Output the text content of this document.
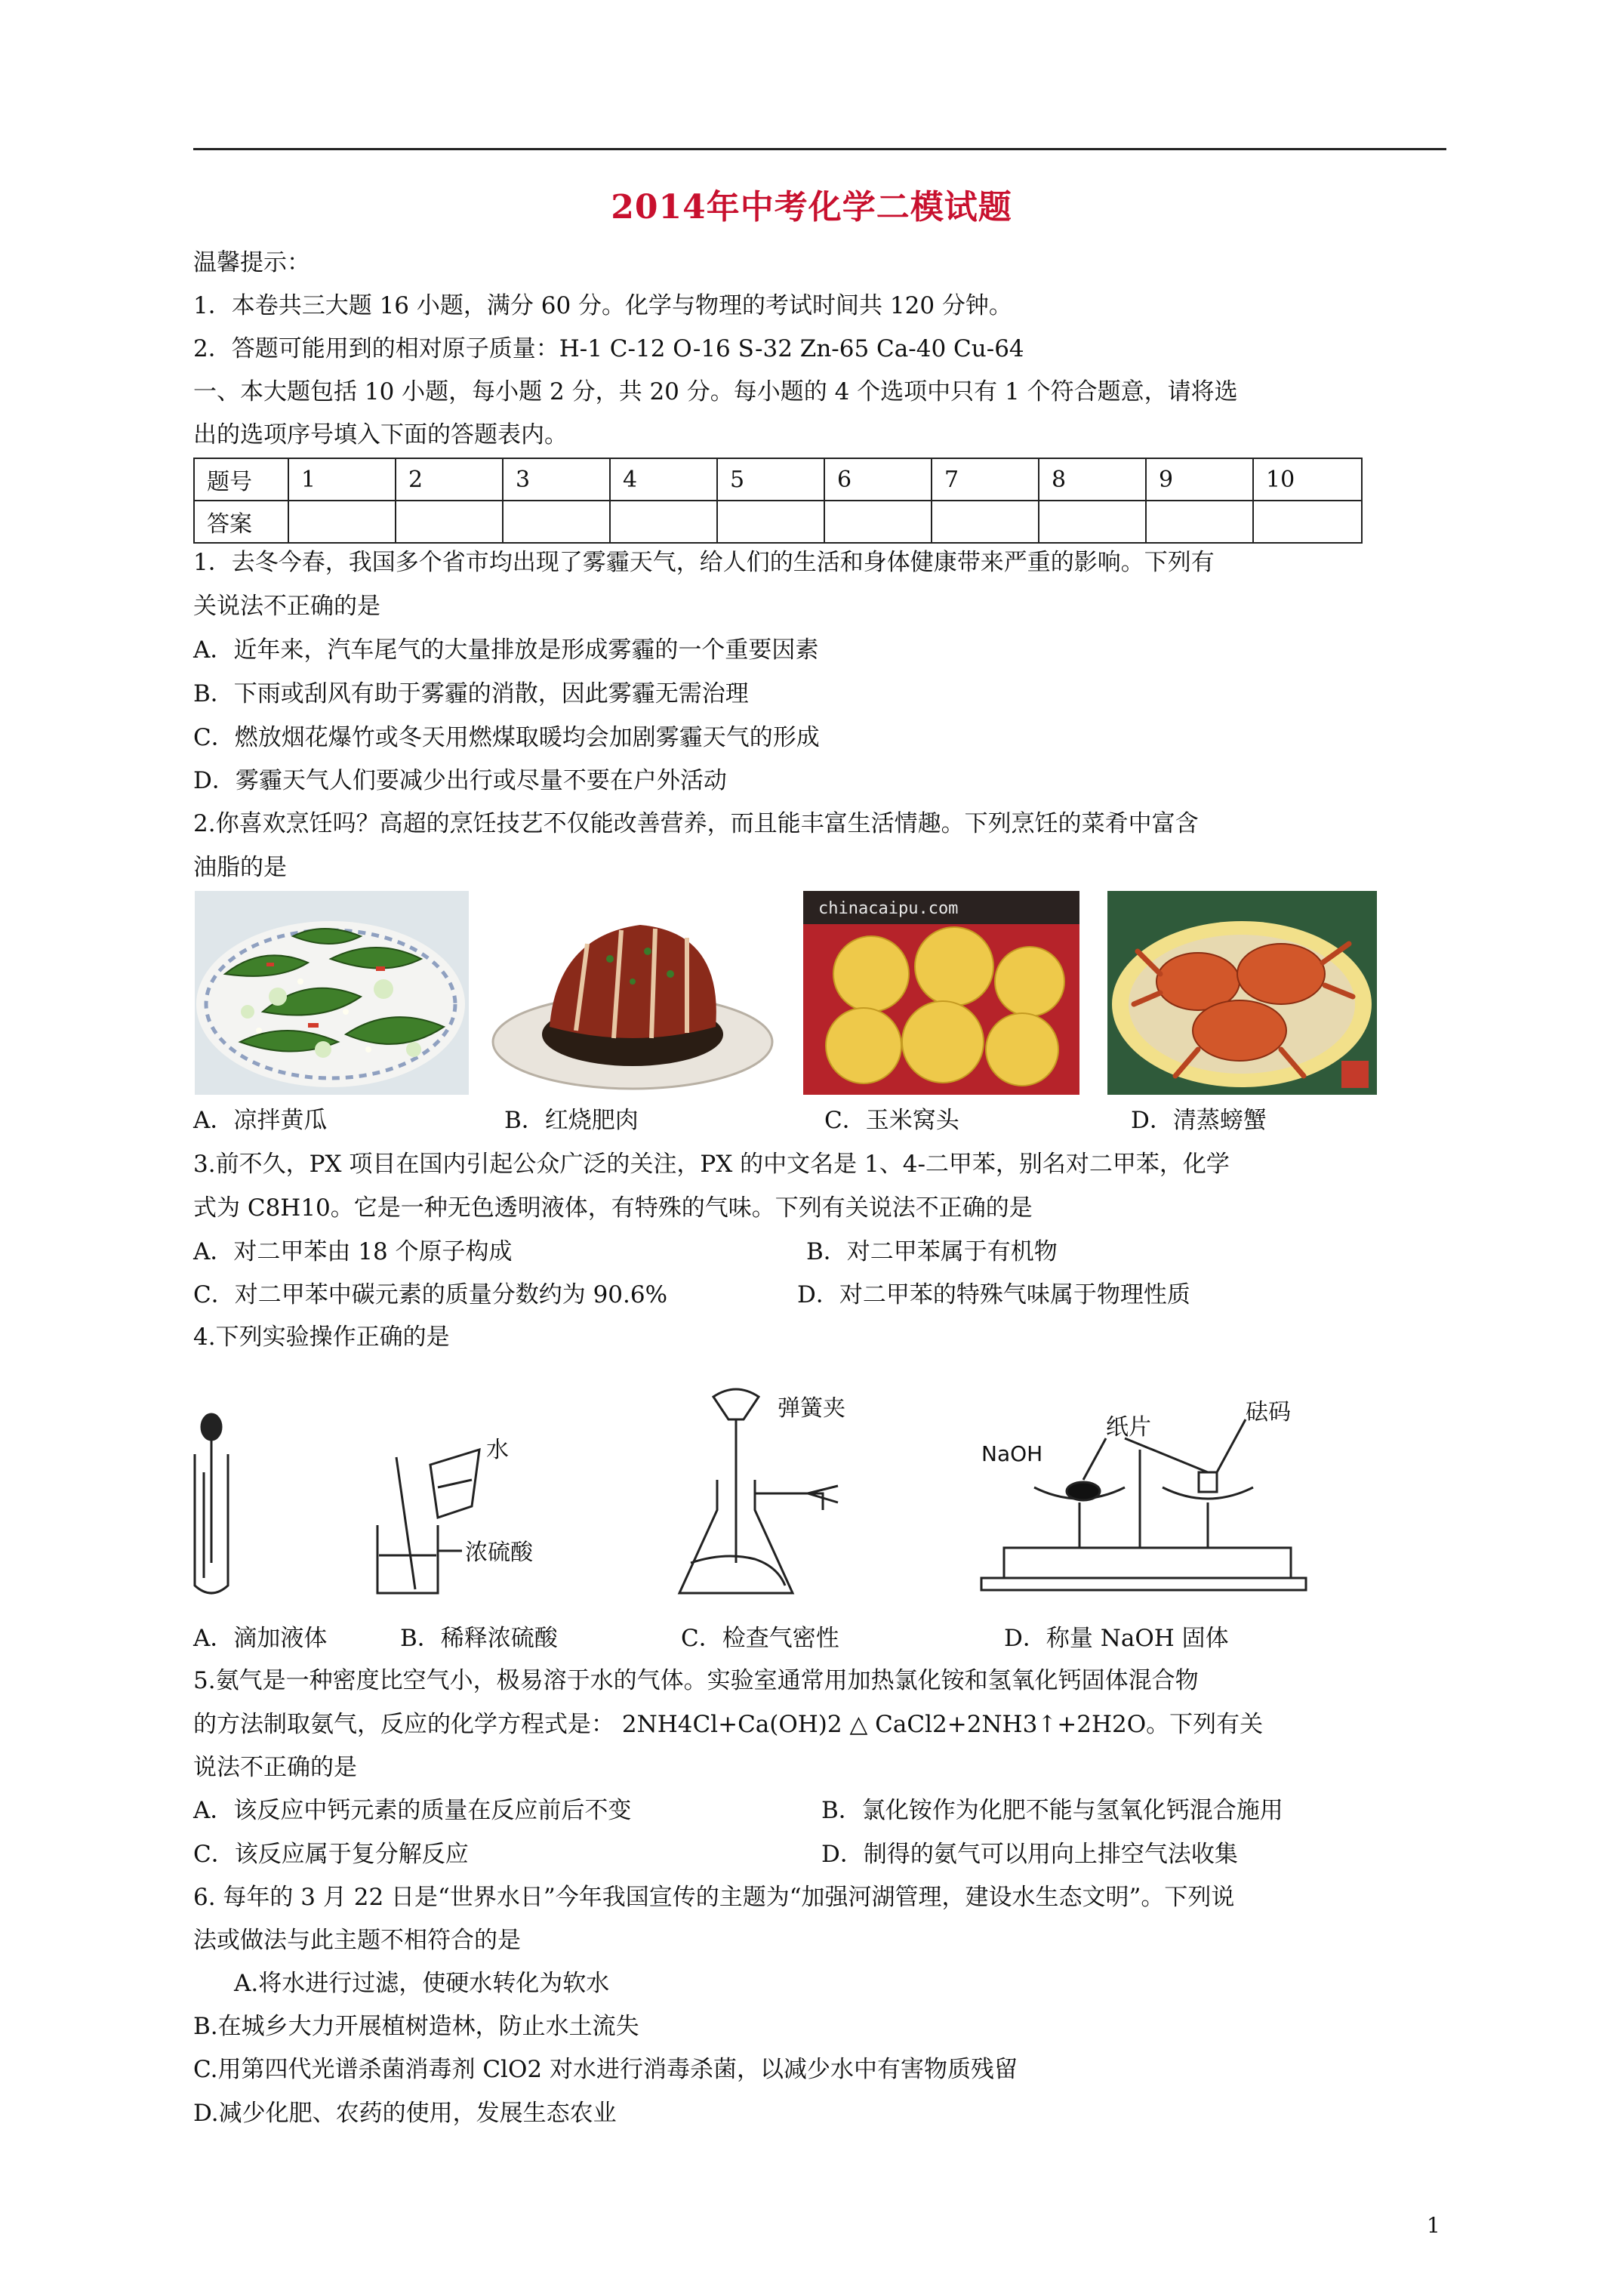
2014年中考化学二模试题
温馨提示：
1．本卷共三大题 16 小题，满分 60 分。化学与物理的考试时间共 120 分钟。
2．答题可能用到的相对原子质量：H-1 C-12 O-16 S-32 Zn-65 Ca-40 Cu-64
一、本大题包括 10 小题，每小题 2 分，共 20 分。每小题的 4 个选项中只有 1 个符合题意，请将选
出的选项序号填入下面的答题表内。
题号	1	2	3	4	5	6	7	8	9	10
答案										
1．去冬今春，我国多个省市均出现了雾霾天气，给人们的生活和身体健康带来严重的影响。下列有
关说法不正确的是
A．近年来，汽车尾气的大量排放是形成雾霾的一个重要因素
B．下雨或刮风有助于雾霾的消散，因此雾霾无需治理
C．燃放烟花爆竹或冬天用燃煤取暖均会加剧雾霾天气的形成
D．雾霾天气人们要减少出行或尽量不要在户外活动
2.你喜欢烹饪吗？高超的烹饪技艺不仅能改善营养，而且能丰富生活情趣。下列烹饪的菜肴中富含
油脂的是
chinacaipu.com
A．凉拌黄瓜	B．红烧肥肉	C．玉米窝头	D．清蒸螃蟹
3.前不久，PX 项目在国内引起公众广泛的关注，PX 的中文名是 1、4-二甲苯，别名对二甲苯，化学
式为 C8H10。它是一种无色透明液体，有特殊的气味。下列有关说法不正确的是
A．对二甲苯由 18 个原子构成	B．对二甲苯属于有机物
C．对二甲苯中碳元素的质量分数约为 90.6%	D．对二甲苯的特殊气味属于物理性质
4.下列实验操作正确的是
水
浓硫酸
弹簧夹
纸片
NaOH
砝码
A．滴加液体	B．稀释浓硫酸	C．检查气密性	D．称量 NaOH 固体
5.氨气是一种密度比空气小，极易溶于水的气体。实验室通常用加热氯化铵和氢氧化钙固体混合物
的方法制取氨气，反应的化学方程式是： 2NH4Cl+Ca(OH)2 △ CaCl2+2NH3↑+2H2O。下列有关
说法不正确的是
A．该反应中钙元素的质量在反应前后不变	B．氯化铵作为化肥不能与氢氧化钙混合施用
C．该反应属于复分解反应	D．制得的氨气可以用向上排空气法收集
6. 每年的 3 月 22 日是“世界水日”今年我国宣传的主题为“加强河湖管理，建设水生态文明”。下列说
法或做法与此主题不相符合的是
A.将水进行过滤，使硬水转化为软水
B.在城乡大力开展植树造林，防止水土流失
C.用第四代光谱杀菌消毒剂 ClO2 对水进行消毒杀菌，以减少水中有害物质残留
D.减少化肥、农药的使用，发展生态农业
1
